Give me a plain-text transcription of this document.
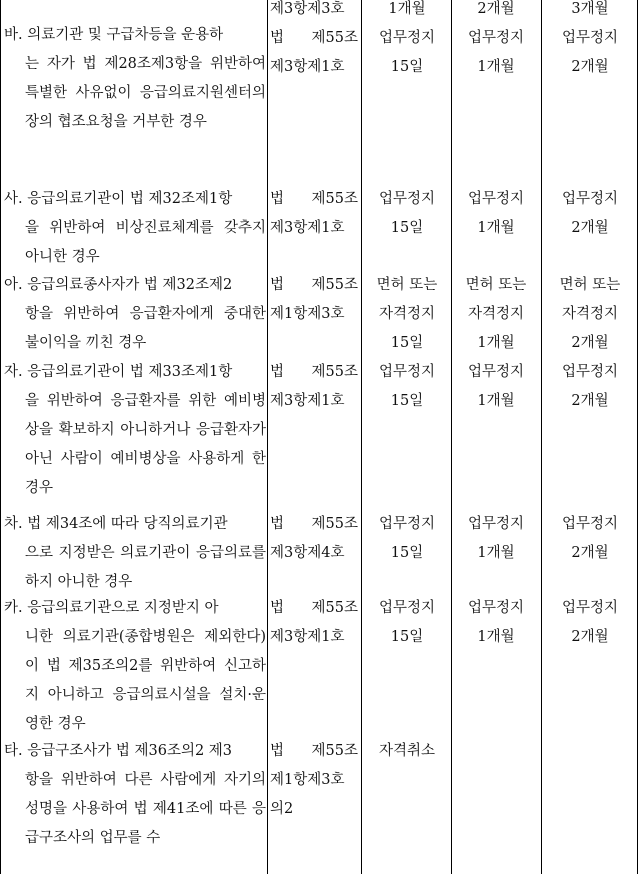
바. 의료기관 및 구급차등을 운용하
는 자가 법 제28조제3항을 위반하여 특별한 사유없이 응급의료지원센터의 장의 협조요청을 거부한 경우
제3항제3호
법 제55조
제3항제1호
1개월
업무정지
15일
2개월
업무정지
1개월
3개월
업무정지
2개월
사. 응급의료기관이 법 제32조제1항
을 위반하여 비상진료체계를 갖추지 아니한 경우
법 제55조
제3항제1호
업무정지
15일
업무정지
1개월
업무정지
2개월
아. 응급의료종사자가 법 제32조제2
항을 위반하여 응급환자에게 중대한 불이익을 끼친 경우
법 제55조
제1항제3호
면허 또는
자격정지
15일
면허 또는
자격정지
1개월
면허 또는
자격정지
2개월
자. 응급의료기관이 법 제33조제1항
을 위반하여 응급환자를 위한 예비병상을 확보하지 아니하거나 응급환자가 아닌 사람이 예비병상을 사용하게 한 경우
법 제55조
제3항제1호
업무정지
15일
업무정지
1개월
업무정지
2개월
차. 법 제34조에 따라 당직의료기관
으로 지정받은 의료기관이 응급의료를 하지 아니한 경우
법 제55조
제3항제4호
업무정지
15일
업무정지
1개월
업무정지
2개월
카. 응급의료기관으로 지정받지 아
니한 의료기관(종합병원은 제외한다)이 법 제35조의2를 위반하여 신고하지 아니하고 응급의료시설을 설치·운영한 경우
법 제55조
제3항제1호
업무정지
15일
업무정지
1개월
업무정지
2개월
타. 응급구조사가 법 제36조의2 제3
항을 위반하여 다른 사람에게 자기의 성명을 사용하여 법 제41조에 따른 응급구조사의 업무를 수
법 제55조
제1항제3호
의2
자격취소
